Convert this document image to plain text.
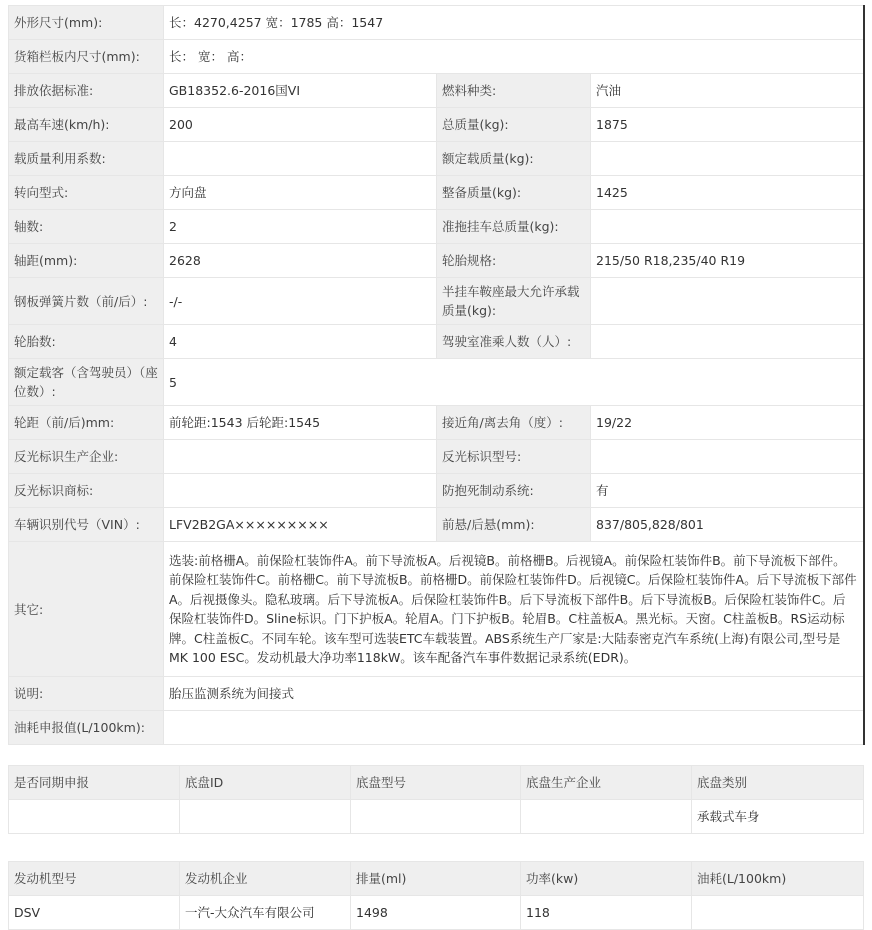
外形尺寸(mm):	长：4270,4257 宽：1785 高：1547		
货箱栏板内尺寸(mm):	长： 宽： 高：		
排放依据标准:	GB18352.6-2016国VI	燃料种类:	汽油
最高车速(km/h):	200	总质量(kg):	1875
载质量利用系数:		额定载质量(kg):	
转向型式:	方向盘	整备质量(kg):	1425
轴数:	2	准拖挂车总质量(kg):	
轴距(mm):	2628	轮胎规格:	215/50 R18,235/40 R19
钢板弹簧片数（前/后）:	-/-	半挂车鞍座最大允许承载质量(kg):	
轮胎数:	4	驾驶室准乘人数（人）:	
额定载客（含驾驶员）（座位数）:	5		
轮距（前/后)mm:	前轮距:1543 后轮距:1545	接近角/离去角（度）:	19/22
反光标识生产企业:		反光标识型号:	
反光标识商标:		防抱死制动系统:	有
车辆识别代号（VIN）:	LFV2B2GA×××××××××	前悬/后悬(mm):	837/805,828/801
其它:	选装:前格栅A。前保险杠装饰件A。前下导流板A。后视镜B。前格栅B。后视镜A。前保险杠装饰件B。前下导流板下部件。前保险杠装饰件C。前格栅C。前下导流板B。前格栅D。前保险杠装饰件D。后视镜C。后保险杠装饰件A。后下导流板下部件A。后视摄像头。隐私玻璃。后下导流板A。后保险杠装饰件B。后下导流板下部件B。后下导流板B。后保险杠装饰件C。后保险杠装饰件D。Sline标识。门下护板A。轮眉A。门下护板B。轮眉B。C柱盖板A。黑光标。天窗。C柱盖板B。RS运动标牌。C柱盖板C。不同车轮。该车型可选装ETC车载装置。ABS系统生产厂家是:大陆泰密克汽车系统(上海)有限公司,型号是MK 100 ESC。发动机最大净功率118kW。该车配备汽车事件数据记录系统(EDR)。		
说明:	胎压监测系统为间接式		
油耗申报值(L/100km):			
是否同期申报	底盘ID	底盘型号	底盘生产企业	底盘类别
				承载式车身
发动机型号	发动机企业	排量(ml)	功率(kw)	油耗(L/100km)
DSV	一汽-大众汽车有限公司	1498	118	
